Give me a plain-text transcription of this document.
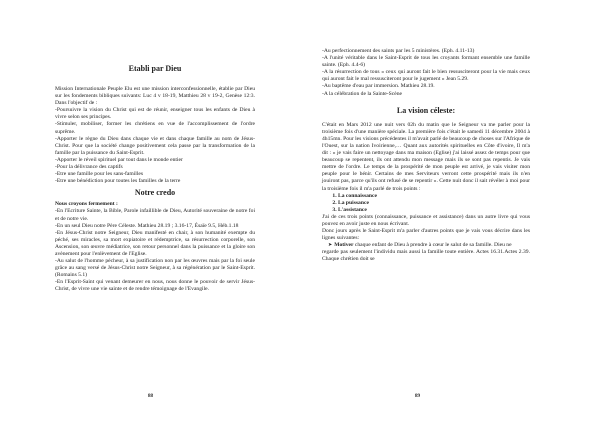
Etabli par Dieu

Mission Internationale Peuple Elu est une mission interconfessionnelle, établie par Dieu sur les fondements bibliques suivants: Luc 4 v 18-19, Matthieu 28 v 19-2, Genèse 12:3. Dans l'objectif de :

-Poursuivre la vision du Christ qui est de réunir, enseigner tous les enfants de Dieu à vivre selon ses principes.

-Stimuler, mobiliser, former les chrétiens en vue de l'accomplissement de l'ordre suprême.

-Apporter le règne du Dieu dans chaque vie et dans chaque famille au nom de Jésus-Christ. Pour que la société change positivement cela passe par la transformation de la famille par la puissance du Saint-Esprit.

-Apporter le réveil spirituel par tout dans le monde entier

-Pour la délivrance des captifs

-Etre une famille pour les sans-familles

-Etre une bénédiction pour toutes les familles de la terre

Notre credo

Nous croyons fermement :

-En l'Ecriture Sainte, la Bible, Parole infaillible de Dieu, Autorité souveraine de notre foi et de notre vie.

-En un seul Dieu notre Père Céleste. Mathieu 28.19 ; 3.16-17, Ésaïe 9.5, Héb.1.18

-En Jésus-Christ notre Seigneur, Dieu manifesté en chair, à son humanité exempte du péché, ses miracles, sa mort expiatoire et rédemptrice, sa résurrection corporelle, son Ascension, son œuvre médiatrice, son retour personnel dans la puissance et la gloire son avènement pour l'enlèvement de l'Eglise.

-Au salut de l'homme pécheur, à sa justification non par les œuvres mais par la foi seule grâce au sang versé de Jésus-Christ notre Seigneur, à sa régénération par le Saint-Esprit. (Romains 5.1)

-En l'Esprit-Saint qui venant demeurer en nous, nous donne le pouvoir de servir Jésus-Christ, de vivre une vie sainte et de rendre témoignage de l'Evangile.

88

-Au perfectionnement des saints par les 5 ministères. (Eph. 4.11-13)

-A l'unité véritable dans le Saint-Esprit de tous les croyants formant ensemble une famille sainte. (Eph. 4.4-6)

-A la résurrection de tous « ceux qui auront fait le bien ressusciteront pour la vie mais ceux qui auront fait le mal ressusciteront pour le jugement » Jean 5.29.

-Au baptême d'eau par immersion. Mathieu 28.19.

-A la célébration de la Sainte-Scène

La vision céleste:

C'était en Mars 2012 une nuit vers 02h du matin que le Seigneur va me parler pour la troisième fois d'une manière spéciale. La première fois c'était le samedi 11 décembre 2004 à 4h15mn. Pour les visions précédentes il m'avait parlé de beaucoup de choses sur l'Afrique de l'Ouest, sur la nation Ivoirienne,… Quant aux autorités spirituelles en Côte d'ivoire, Il m'a dit : « je vais faire un nettoyage dans ma maison (Eglise) j'ai laissé assez de temps pour que beaucoup se repentent, ils ont attendu mon message mais ils se sont pas repentis. Je vais mettre de l'ordre. Le temps de la prospérité de mon peuple est arrivé, je vais visiter mon peuple pour le bénir. Certains de mes Serviteurs verront cette prospérité mais ils n'en jouiront pas, parce qu'ils ont refusé de se repentir ». Cette nuit donc il sait révéler à moi pour la troisième fois il m'a parlé de trois points :

1. La connaissance
2. La puissance
3. L'assistance

J'ai de ces trois points (connaissance, puissance et assistance) dans un autre livre qui vous pouvez en avoir juste en nous écrivant.

Donc jours après le Saint-Esprit m'a parler d'autres points que je vais vous décrire dans les lignes suivantes:

➤ Motiver chaque enfant de Dieu à prendre à cœur le salut de sa famille. Dieu ne

regarde pas seulement l'individu mais aussi la famille toute entière. Actes 16.31.Actes 2.39. Chaque chrétien doit se

89
